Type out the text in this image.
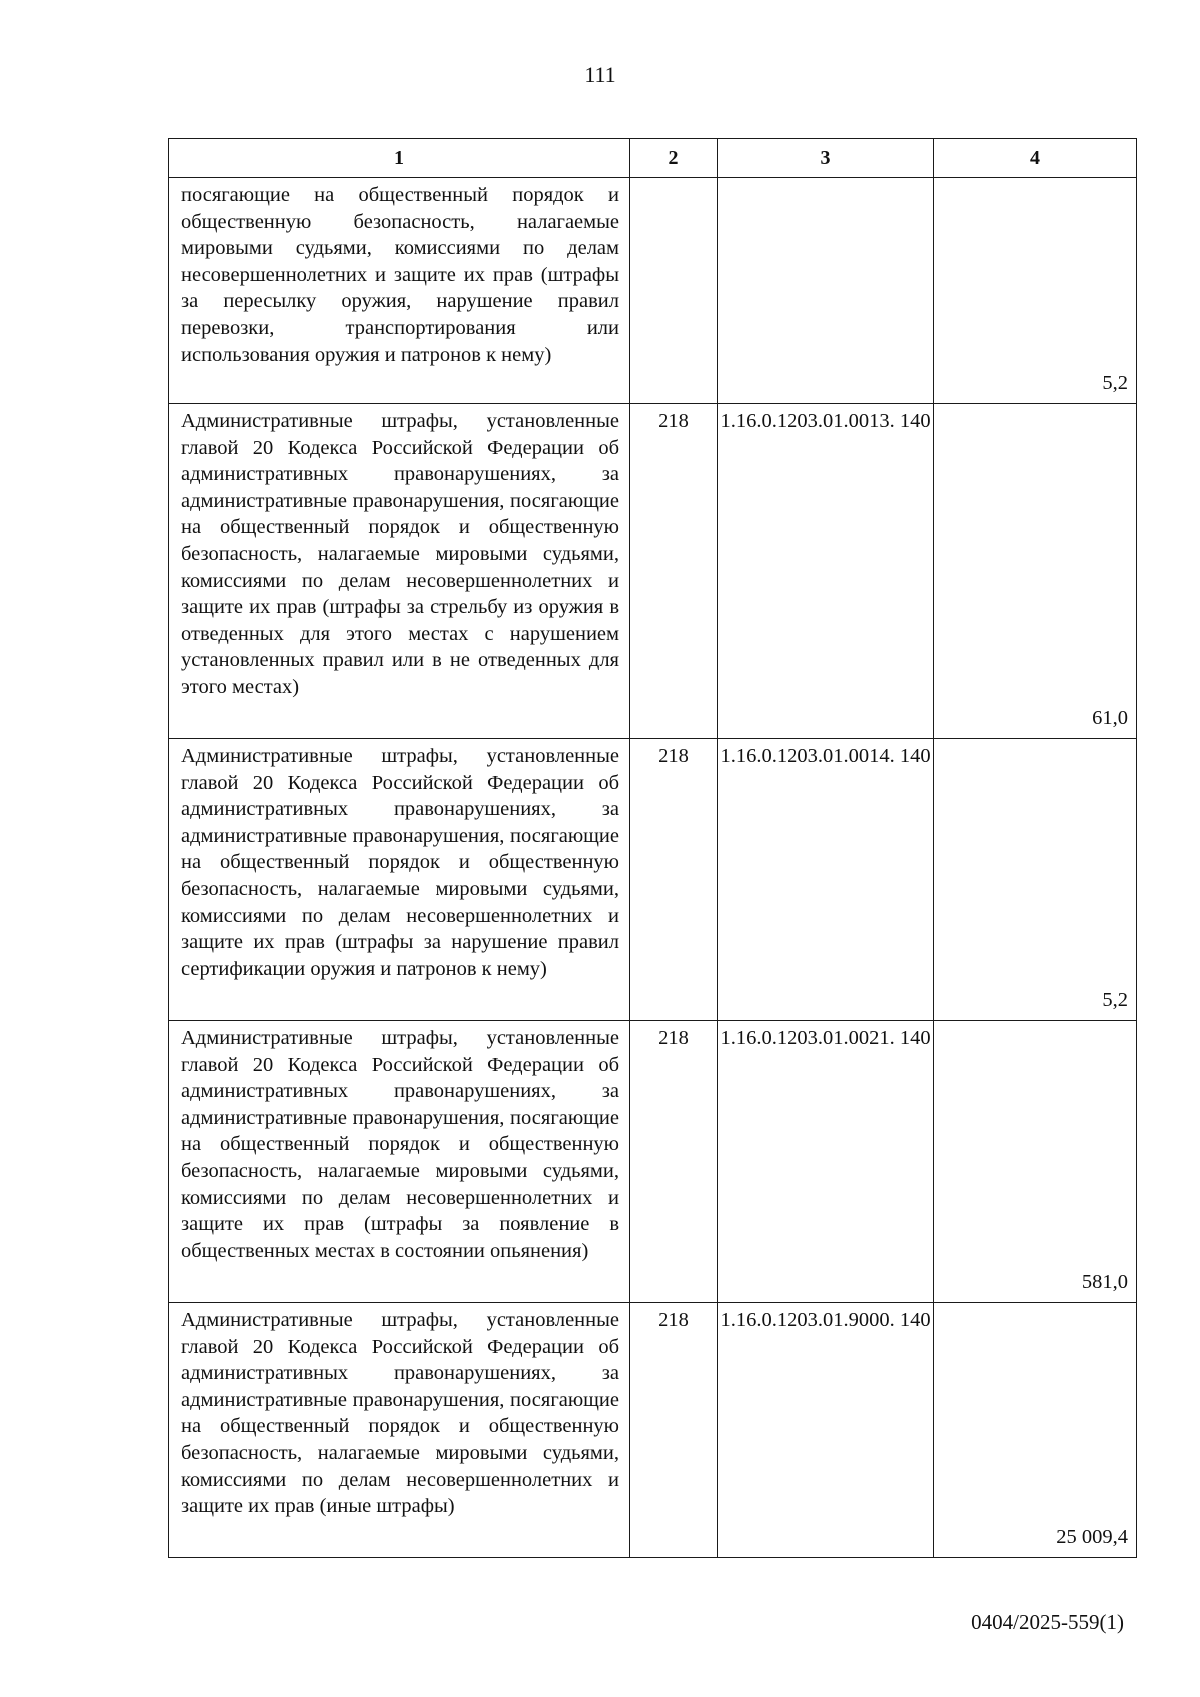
111
1	2	3	4
посягающие на общественный порядок и общественную безопасность, налагаемые мировыми судьями, комиссиями по делам несовершеннолетних и защите их прав (штрафы за пересылку оружия, нарушение правил перевозки, транспортирования или использования оружия и патронов к нему)			5,2
Административные штрафы, установленные главой 20 Кодекса Российской Федерации об административных правонарушениях, за административные правонарушения, посягающие на общественный порядок и общественную безопасность, налагаемые мировыми судьями, комиссиями по делам несовершеннолетних и защите их прав (штрафы за стрельбу из оружия в отведенных для этого местах с нарушением установленных правил или в не отведенных для этого местах)	218	1.16.0.1203.01.0013. 140	61,0
Административные штрафы, установленные главой 20 Кодекса Российской Федерации об административных правонарушениях, за административные правонарушения, посягающие на общественный порядок и общественную безопасность, налагаемые мировыми судьями, комиссиями по делам несовершеннолетних и защите их прав (штрафы за нарушение правил сертификации оружия и патронов к нему)	218	1.16.0.1203.01.0014. 140	5,2
Административные штрафы, установленные главой 20 Кодекса Российской Федерации об административных правонарушениях, за административные правонарушения, посягающие на общественный порядок и общественную безопасность, налагаемые мировыми судьями, комиссиями по делам несовершеннолетних и защите их прав (штрафы за появление в общественных местах в состоянии опьянения)	218	1.16.0.1203.01.0021. 140	581,0
Административные штрафы, установленные главой 20 Кодекса Российской Федерации об административных правонарушениях, за административные правонарушения, посягающие на общественный порядок и общественную безопасность, налагаемые мировыми судьями, комиссиями по делам несовершеннолетних и защите их прав (иные штрафы)	218	1.16.0.1203.01.9000. 140	25 009,4
0404/2025-559(1)
